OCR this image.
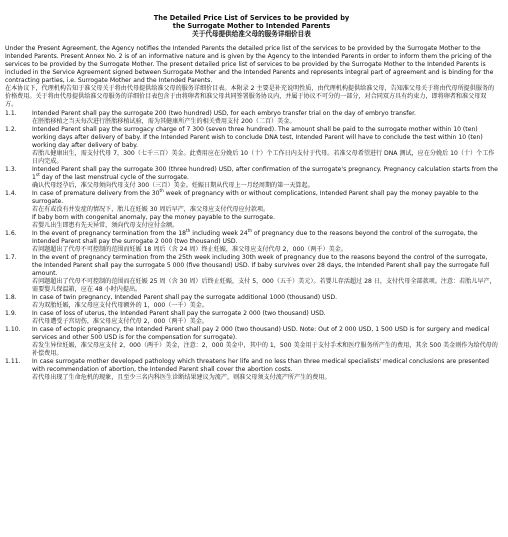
The Detailed Price List of Services to be provided by
the Surrogate Mother to Intended Parents
关于代母提供给准父母的服务详细价目表

Under the Present Agreement, the Agency notifies the Intended Parents the detailed price list of the services to be provided by the Surrogate Mother to the Intended Parents. Present Annex No. 2 is of an informative nature and is given by the Agency to the Intended Parents in order to inform them the pricing of the services to be provided by the Surrogate Mother. The present detailed price list of services to be provided by the Surrogate Mother to the Intended Parents is included in the Service Agreement signed between Surrogate Mother and the Intended Parents and represents integral part of agreement and is binding for the contracting parties, i.e. Surrogate Mother and the Intended Parents.

在本协议下，代理机构告知于准父母关于将由代母提供给准父母的服务详细价目表。本附录 2 主要是补充说明性质，由代理机构提供给准父母，告知准父母关于将由代母所提供服务的价格费用。关于将由代母提供给准父母服务的详细价目表包含于由将卵者和准父母共同签署服务协议内，并属于协议不可分的一部分，对合同双方具有约束力，即将卵者和准父母双方。

1.1.	Intended Parent shall pay the surrogate 200 (two hundred) USD, for each embryo transfer trial on the day of embryo transfer.

在胚胎移植之当天每次进行胚胎移植试验，需为其健康所产生的相关费用支付 200（二百）美金。

1.2.	Intended Parent shall pay the surrogacy charge of 7 300 (seven three hundred). The amount shall be paid to the surrogate mother within 10 (ten) working days after delivery of baby. If the Intended Parent wish to conclude DNA test, Intended Parent will have to conclude the test within 10 (ten) working day after delivery of baby.

若胎儿健康出生，需支付代母 7，300（七千三百）美金。此费用应在分娩后 10（十）个工作日内支付于代母。若准父母希望进行 DNA 测试，应在分娩后 10（十）个工作日内完成。

1.3.	Intended Parent shall pay the surrogate 300 (three hundred) USD, after confirmation of the surrogate's pregnancy. Pregnancy calculation starts from the 1st day of the last menstrual cycle of the surrogate.

确认代母经孕后，准父母须向代母支付 300（三百）美金。妊娠日期从代母上一月经周期的第一天算起。

1.4.	In case of premature delivery from the 30th week of pregnancy with or without complications, Intended Parent shall pay the money payable to the surrogate.

若在有或没有并发症的情况下，胎儿在妊娠 30 周后早产，准父母应支付代母应付款项。

If baby born with congenital anomaly, pay the money payable to the surrogate.

若婴儿出生即患有先天异常，须向代母支付应付金额。

1.6.	In the event of pregnancy termination from the 18th including week 24th of pregnancy due to the reasons beyond the control of the surrogate, the Intended Parent shall pay the surrogate 2 000 (two thousand) USD.

若问题超出了代母不可控制的范围而妊娠 18 周后（含 24 周）终止妊娠，准父母应支付代母 2，000（两千）美金。

1.7.	In the event of pregnancy termination from the 25th week including 30th week of pregnancy due to the reasons beyond the control of the surrogate, the Intended Parent shall pay the surrogate 5 000 (five thousand) USD. If baby survives over 28 days, the Intended Parent shall pay the surrogate full amount.

若问题超出了代母不可控制的范围而在妊娠 25 周（含 30 周）后终止妊娠，支付 5，000（五千）美元）。若婴儿存活超过 28 日，支付代母全部款项。注意：若胎儿早产，需要婴儿保温箱，应在 48 小时内提出。

1.8.	In case of twin pregnancy, Intended Parent shall pay the surrogate additional 1000 (thousand) USD.

若为双胎妊娠，准父母应支付代母额外的 1，000（一千）美金。

1.9.	In case of loss of uterus, the Intended Parent shall pay the surrogate 2 000 (two thousand) USD.

若代母遭受子宫切伤，准父母应支付代母 2，000（两千）美金。

1.10.	In case of ectopic pregnancy, the Intended Parent shall pay 2 000 (two thousand) USD. Note: Out of 2 000 USD, 1 500 USD is for surgery and medical services and other 500 USD is for the compensation for surrogate).

若发生异位妊娠，准父母应支付 2，000（两千）美金，注意：2，000 美金中，其中的 1，500 美金用于支付手术和医疗服务所产生的费用，其余 500 美金则作为给代母的补偿费用。

1.11.	In case surrogate mother developed pathology which threatens her life and no less than three medical specialists' medical conclusions are presented with recommendation of abortion, the Intended Parent shall cover the abortion costs.

若代母出现了生命危机的现象，且至少三名内科医生诊断结果建议为流产，则准父母须支付流产所产生的费用。
